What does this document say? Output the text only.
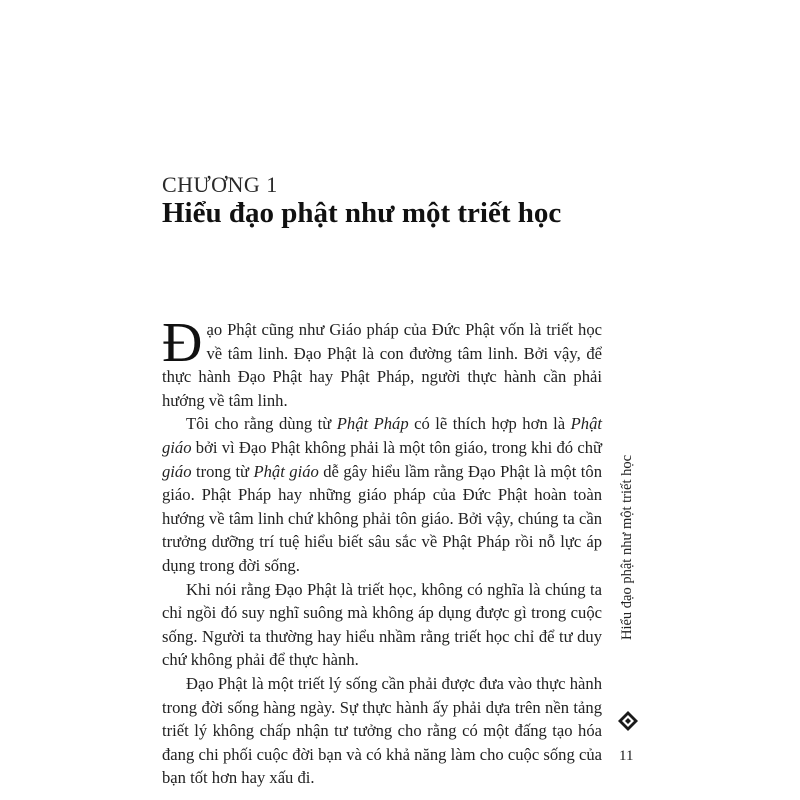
CHƯƠNG 1
Hiểu đạo phật như một triết học

Đạo Phật cũng như Giáo pháp của Đức Phật vốn là triết học về tâm linh. Đạo Phật là con đường tâm linh. Bởi vậy, để thực hành Đạo Phật hay Phật Pháp, người thực hành cần phải hướng về tâm linh.

Tôi cho rằng dùng từ Phật Pháp có lẽ thích hợp hơn là Phật giáo bởi vì Đạo Phật không phải là một tôn giáo, trong khi đó chữ giáo trong từ Phật giáo dễ gây hiểu lầm rằng Đạo Phật là một tôn giáo. Phật Pháp hay những giáo pháp của Đức Phật hoàn toàn hướng về tâm linh chứ không phải tôn giáo. Bởi vậy, chúng ta cần trưởng dưỡng trí tuệ hiểu biết sâu sắc về Phật Pháp rồi nỗ lực áp dụng trong đời sống.

Khi nói rằng Đạo Phật là triết học, không có nghĩa là chúng ta chỉ ngồi đó suy nghĩ suông mà không áp dụng được gì trong cuộc sống. Người ta thường hay hiểu nhầm rằng triết học chỉ để tư duy chứ không phải để thực hành.

Đạo Phật là một triết lý sống cần phải được đưa vào thực hành trong đời sống hàng ngày. Sự thực hành ấy phải dựa trên nền tảng triết lý không chấp nhận tư tưởng cho rằng có một đấng tạo hóa đang chi phối cuộc đời bạn và có khả năng làm cho cuộc sống của bạn tốt hơn hay xấu đi.

Hiểu đạo phật như một triết học
11
